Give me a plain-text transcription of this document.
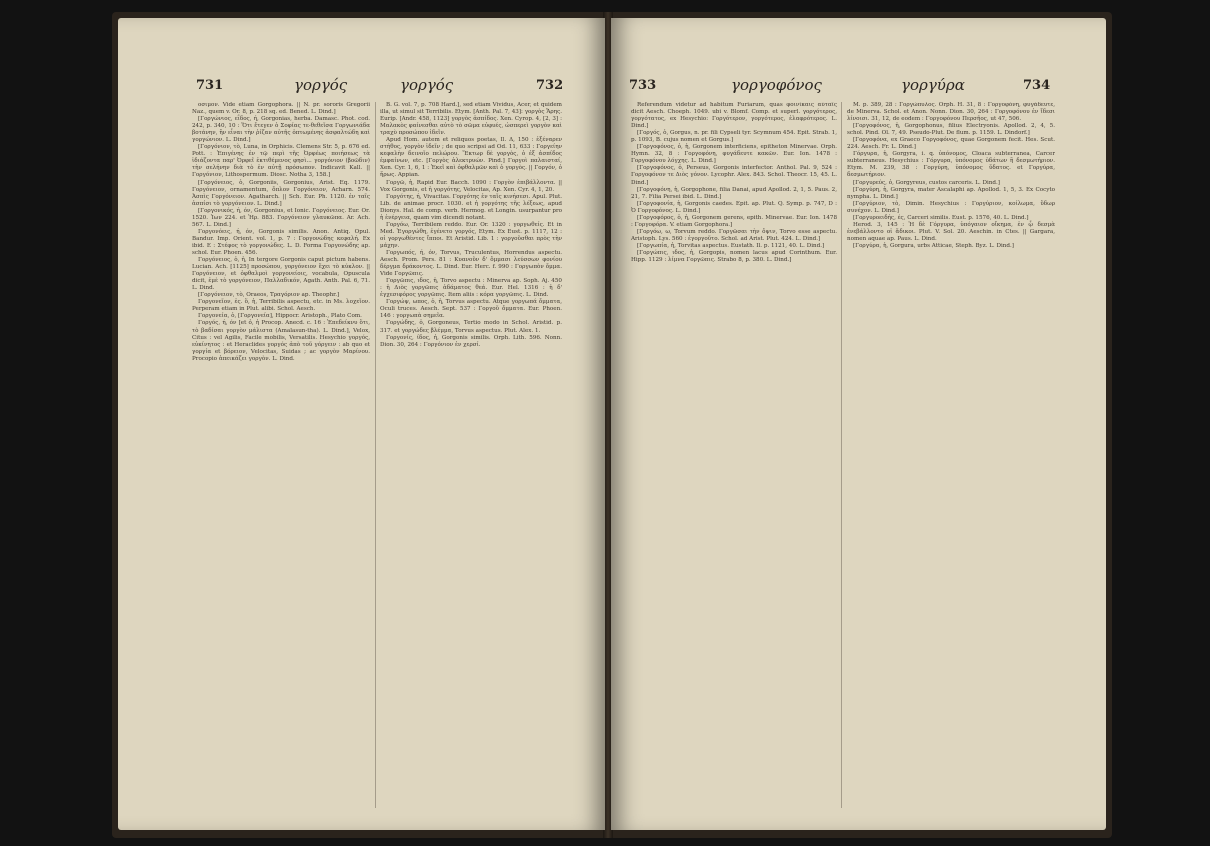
731	γοργός	γοργός	732

οσιμον. Vide etiam Gorgophora. || N. pr. sororis Gregorii Naz., quem v. Or. 8, p. 218 sq. ed. Bened. L. Dind.]

[Γοργώνιος, εΐδος, ή, Gorgonias, herba. Damasc. Phot. cod. 242, p. 340, 10 : Ὅτι ἔτεγεν ὁ Σοφίας τε-θεθεῖσα Γοργωνιάδα βοτάνην, ἢν εἶναι τὴν ῥίζαν αὐτῆς ὀπτωμένης ἀσφαλτώδη καὶ γοργώνιον. L. Dind.]

[Γοργόνιον, τὸ, Luna, in Orphicis. Clemens Str. 5, p. 676 ed. Pott. : Ἐπιγένης ἐν τῷ περὶ τῆς Ὀρφέως ποιήσεως τὰ ἰδιάζοντα παρ' Ὀρφεῖ ἐκτιθέμενος φησὶ... γοργόνιον (βοῶδιν) τὴν σελήνην διὰ τὸ ἐν αὐτῇ πρόσωπον. Indicavit Kall. || Γοργόνιον, Lithospermum. Diosc. Notha 3, 158.]

[Γοργόνειος, ὁ, Gorgoniis, Gorgonius, Arist. Eq. 1179. Γοργόνειον, ornamentum, ὅπλον Γοργόνειον, Acharn. 574. Ἀσπὶς Γοργόνειον. Agatharch. || Sch. Eur. Ph. 1120. ἐν ταῖς ἀσπίσι τὸ γοργόνειον. L. Dind.]

[Γοργονικός, ή, όν, Gorgonius, et Ionic. Γοργόνειος. Eur. Or. 1520. Ἰων 224. et Ἡρ. 883. Γοργόνειον γλαυκῶπα. Ar. Ach. 567. L. Dind.]

Γοργονόεις, ή, όν, Gorgonis similis. Anon. Antiq. Opul. Bandur. Imp. Orient. vol. 1, p. 7 : Γοργονώδης κεφαλή. Ex ibid. E : Στέφος τὸ γοργονώδες. L. D. Forma Γοργονώδης ap. schol. Eur. Phoen. 456.

Γοργόνειος, ὁ, ἡ, In tergore Gorgonis caput pictum habens. Lucian. Ach. [1125] προσώπου, γοργόνειον ἔχει τὸ κύκλον. || Γοργόνειον, et ὀφθαλμοὶ γοργονείοις, vocabula, Opuscula dicit, ἐμὲ τὸ γοργόνειον, Παλλαδικόν, Agath. Anth. Pal. 6, 71. L. Dind.

[Γοργόνειον, τὸ, Oraeos, Τραγόριον ap. Theophr.]

Γοργονεῖον, ἐς. ὅ, ἡ, Terribilis aspectu, etc. in Ms. λοχεῖον. Perperam etiam in Plut. alibi. Schol. Aesch.

Γοργονεία, ὁ, [Γοργονεία], Hippocr. Aristoph., Plato Com.

Γοργός, ή, όν [et ὀ, ἡ Procop. Anecd. c. 16 : Ἐπεδείκνυ ὅτι, τὸ βαδίσαι γοργὸν μάλιστα (Amalasun-tha). L. Dind.], Velox, Citus : vel Agilis, Facile mobilis, Versatilis. Hesychio γοργός, εὐκίνητος : et Heraclides γοργός ἀπὸ τοῦ γόργειν : ab quo et γοργία et βόρειον, Velocitas, Suidas ; ac γοργὸν Μαρίνου. Procopio ἀπεικάζει γοργὸν. L. Dind.

B. G. vol. 7, p. 708 Hard.], sed etiam Vividus, Acer, et quidem illa, ut simul sit Terribilis. Etym. [Anth. Pal. 7, 43]: γοργὸς Ἄρης. Eurip. [Andr. 458, 1123] γοργὸς ἀσπίδος. Xen. Cyrop. 4, [2, 3] : Μαλακὸς φαίνεσθαι αὐτὸ τὸ σῶμα εὐφυές, ὡσπερεὶ γοργὸν καὶ τραχὺ προσώπου ἰδεῖν.

Apud Hom. autem et reliquos poetas, Il. Δ, 150 : ἐξέναρεν στήθος, γοργὸν ἰδεῖν ; de quo scripsi ad Od. 11, 633 : Γοργείην κεφαλὴν δεινοῖο πελώρου. Ἕκτωρ δὲ γοργὸς, ὁ ἐξ ἀσπίδος ἐμφαίνων, etc. [Γοργὸς ἀλεκτρυών. Pind.] Γοργοὶ παλαισταί, Xen. Cyr. 1, 6, 1 : Ἐκεῖ καὶ ὀφθαλμῶν καὶ ὁ γοργὸς. || Γοργόν, ὁ ἥρως. Appian.

Γοργῶ, ἡ, Rapid Eur. Bacch. 1090 : Γοργὸν ἐπιβάλλοντα. || Vox Gorgonis, et ἡ γοργότης, Velocitas, Ap. Xen. Cyr. 4, 1, 20.

Γοργότης, ή, Vivacitas. Γοργότης ἐν ταῖς κινήσεσι. Apul. Plut. Lib. de animae procr. 1030. et ἡ γοργότης τῆς λέξεως, apud Dionys. Hal. de comp. verb. Hermog. et Longin. usurpantur pro ἡ ἐνέργεια, quam vim dicendi notant.

Γοργόω, Terribilem reddo. Eur. Or. 1320 : γοργωθείς. Et in Med. Ἐγοργώθη, ἐγένετο γοργός, Etym. Ex Eust. p. 1117, 12 : οἱ γοργωθέντες ἵπποι. Et Aristid. Lib. 1 : γοργοῦσθαι πρὸς τὴν μάχην.

Γοργωπός, ή, όν, Torvus, Truculentus, Horrendus aspectu. Aesch. Prom. Pers. 81 : Κυανοῦν δ' ὄμμασι λεύσσων φονίου δέργμα δράκοντος. L. Dind. Eur. Herc. f. 990 : Γοργωπὸν ὄμμα. Vide Γοργῶπις.

Γοργῶπις, ιδος, ἡ, Torvo aspectu : Minerva ap. Soph. Aj. 450 : ἡ Διὸς γοργῶπις ἀδάματος θεά. Eur. Hel. 1316 : ἡ δ' ἐγχεσιφόρος γοργῶπις. Item aliis : κόρα γοργῶπις. L. Dind.

Γοργώψ, ωπος, ὁ, ἡ, Torvus aspectu. Atque γοργωπά ὄμματα, Oculi truces. Aesch. Sept. 537 : Γοργοῦ ὄμματα. Eur. Phoen. 146 : γοργωπὰ σημεῖα.

Γοργώδης, ὁ, Gorgoneus, Tertio modo in Schol. Aristid. p. 317. et γοργώδες βλέμμα, Torvus aspectus. Plut. Alex. 1.

Γοργονίς, ίδος, ἡ, Gorgonis similis. Orph. Lith. 596. Nonn. Dion. 30, 264 : Γοργόνιον ἐν χερσί.

733	γοργοφόνος	γοργύρα	734

Referendum videtur ad habitum Furiarum, quas φοινίκαις αὐταῖς dicit Aesch. Choeph. 1049. ubi v. Blomf. Comp. et superl. γοργότερος, γοργότατος, ex Hesychio: Γοργότερον, γοργότερος, ἐλαφρότερος. L. Dind.]

[Γοργός, ὁ, Gorgus, n. pr. fili Cypseli tyr. Scymnum 454. Epit. Strab. 1, p. 1093, B. cujus nomen et Gorgus.]

[Γοργοφόνος, ὁ, ἡ, Gorgonem interficiens, epitheton Minervae. Orph. Hymn. 32, 8 : Γοργοφόνη, φυγάδευτε κακῶν. Eur. Ion. 1478 : Γοργοφόνου λόγχης. L. Dind.]

[Γοργοφόνος, ὁ, Perseus, Gorgonis interfector. Anthol. Pal. 9, 524 : Γοργοφόνον τε Διὸς γόνον. Lycophr. Alex. 843. Schol. Theocr. 15, 45. L. Dind.]

[Γοργοφόνη, ἡ, Gorgophone, filia Danai, apud Apollod. 2, 1, 5. Paus. 2, 21, 7. Filia Persei ibid. L. Dind.]

[Γοργοφονία, ἡ, Gorgonis caedes. Epit. ap. Plut. Q. Symp. p. 747, D : Ὁ Γοργοφόνος. L. Dind.]

[Γοργοφόρος, ὁ, ἡ, Gorgonem gerens, epith. Minervae. Eur. Ion. 1478 : Γοργοφόρα. V. etiam Gorgophora.]

[Γοργόω, ω, Torvum reddo. Γοργῶσαι τὴν ὄψιν, Torvo esse aspectu. Aristoph. Lys. 560 : ἐγοργοῦτο. Schol. ad Arist. Plut. 424. L. Dind.]

[Γοργωπία, ἡ, Torvitas aspectus. Eustath. Il. p. 1121, 40. L. Dind.]

[Γοργώπις, ιδος, ἡ, Gorgopis, nomen lacus apud Corinthum. Eur. Hipp. 1129 : λίμνα Γοργῶπις. Strabo 8, p. 380. L. Dind.]

M. p. 389, 28 : Γοργώπυλος. Orph. H. 31, 8 : Γοργοφόνη, φυγάδευτε, de Minerva. Schol. et Anon. Nonn. Dion. 30, 264 : Γοργοφόνου ἐν ἴδεσι λίνοισι. 31, 12, de eodem : Γοργοφόνου Περσῆος, ut 47, 506.

[Γοργοφόνος, ἡ, Gorgophonus, filius Electryonis. Apollod. 2, 4, 5. schol. Pind. Ol. 7, 49. Pseudo-Plut. De flum. p. 1159. L. Dindorf.]

[Γοργοφόνα, ex Graeco Γοργοφόνος, quae Gorgonem fecit. Hes. Scut. 224. Aesch. Fr. L. Dind.]

Γόργυρα, ἡ, Gorgyra, i. q. ὑπόνομος, Cloaca subterranea, Carcer subterraneus. Hesychius : Γόργυρα, ὑπόνομος ὑδάτων ἢ δεσμωτήριον. Etym. M. 239, 38 : Γοργύρη, ὑπόνομος ὕδατος. et Γοργύρα, δεσμωτήριον.

[Γοργυρεύς, ὁ, Gorgyreus, custos carceris. L. Dind.]

[Γοργύρη, ἡ, Gorgyra, mater Ascalaphi ap. Apollod. 1, 5, 3. Ex Cocyto nympha. L. Dind.]

[Γοργύριον, τὸ, Dimin. Hesychius : Γοργύριον, κοίλωμα, ὕδωρ συνέχον. L. Dind.]

[Γοργυροειδής, ές, Carceri similis. Eust. p. 1576, 40. L. Dind.]

Herod. 3, 145 : Ἡ δὲ Γόργυρα, ὑπόγαιον οἴκημα, ἐν ᾧ δεσμὰ ἐνεβάλλοντο οἱ ἄδικοι. Plut. V. Sol. 20. Aeschin. in Ctes. || Gargara, nomen aquae ap. Paus. L. Dind.

[Γοργύρα, ἡ, Gorgura, urbs Atticae, Steph. Byz. L. Dind.]
